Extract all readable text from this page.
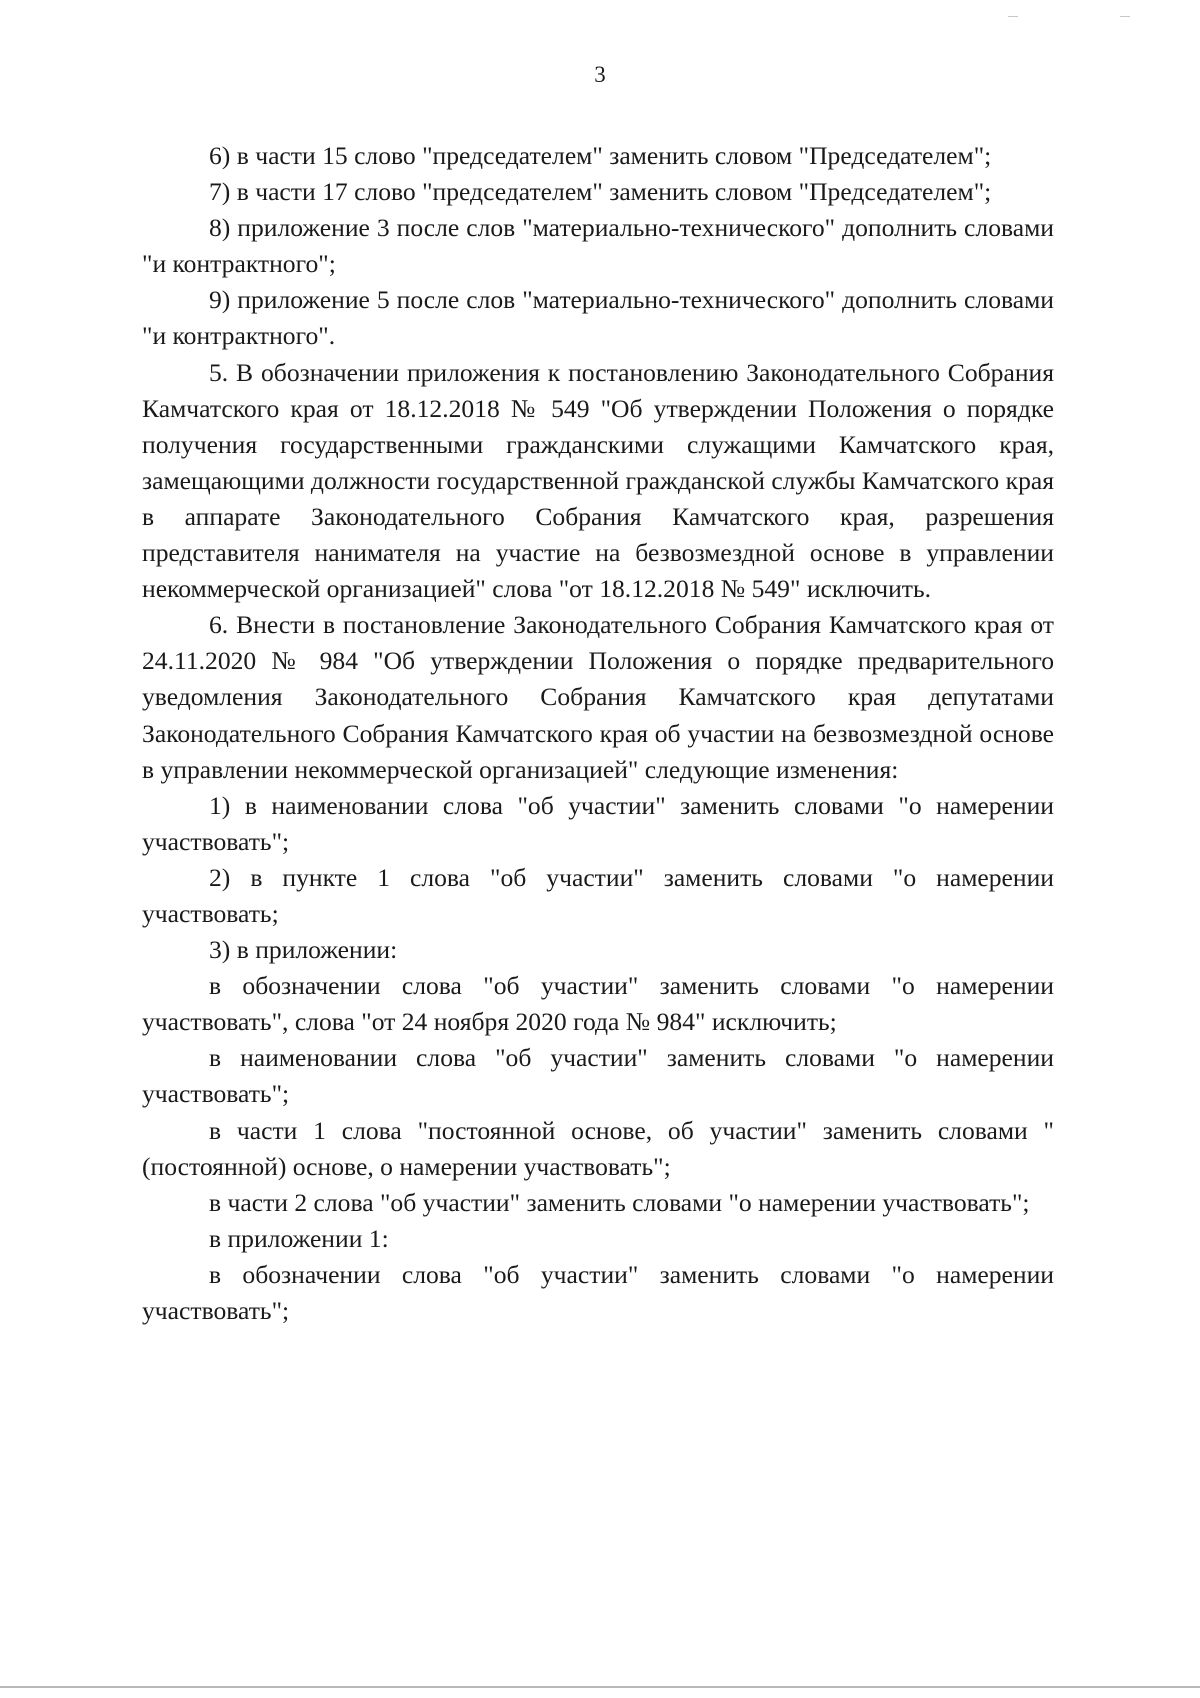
3

6) в части 15 слово "председателем" заменить словом "Председателем";

7) в части 17 слово "председателем" заменить словом "Председателем";

8) приложение 3 после слов "материально-технического" дополнить словами "и контрактного";

9) приложение 5 после слов "материально-технического" дополнить словами "и контрактного".

5. В обозначении приложения к постановлению Законодательного Собрания Камчатского края от 18.12.2018 № 549 "Об утверждении Положения о порядке получения государственными гражданскими служащими Камчатского края, замещающими должности государственной гражданской службы Камчатского края в аппарате Законодательного Собрания Камчатского края, разрешения представителя нанимателя на участие на безвозмездной основе в управлении некоммерческой организацией" слова "от 18.12.2018 № 549" исключить.

6. Внести в постановление Законодательного Собрания Камчатского края от 24.11.2020 № 984 "Об утверждении Положения о порядке предварительного уведомления Законодательного Собрания Камчатского края депутатами Законодательного Собрания Камчатского края об участии на безвозмездной основе в управлении некоммерческой организацией" следующие изменения:

1) в наименовании слова "об участии" заменить словами "о намерении участвовать";

2) в пункте 1 слова "об участии" заменить словами "о намерении участвовать;

3) в приложении:

в обозначении слова "об участии" заменить словами "о намерении участвовать", слова "от 24 ноября 2020 года № 984" исключить;

в наименовании слова "об участии" заменить словами "о намерении участвовать";

в части 1 слова "постоянной основе, об участии" заменить словами "(постоянной) основе, о намерении участвовать";

в части 2 слова "об участии" заменить словами "о намерении участвовать";

в приложении 1:

в обозначении слова "об участии" заменить словами "о намерении участвовать";
